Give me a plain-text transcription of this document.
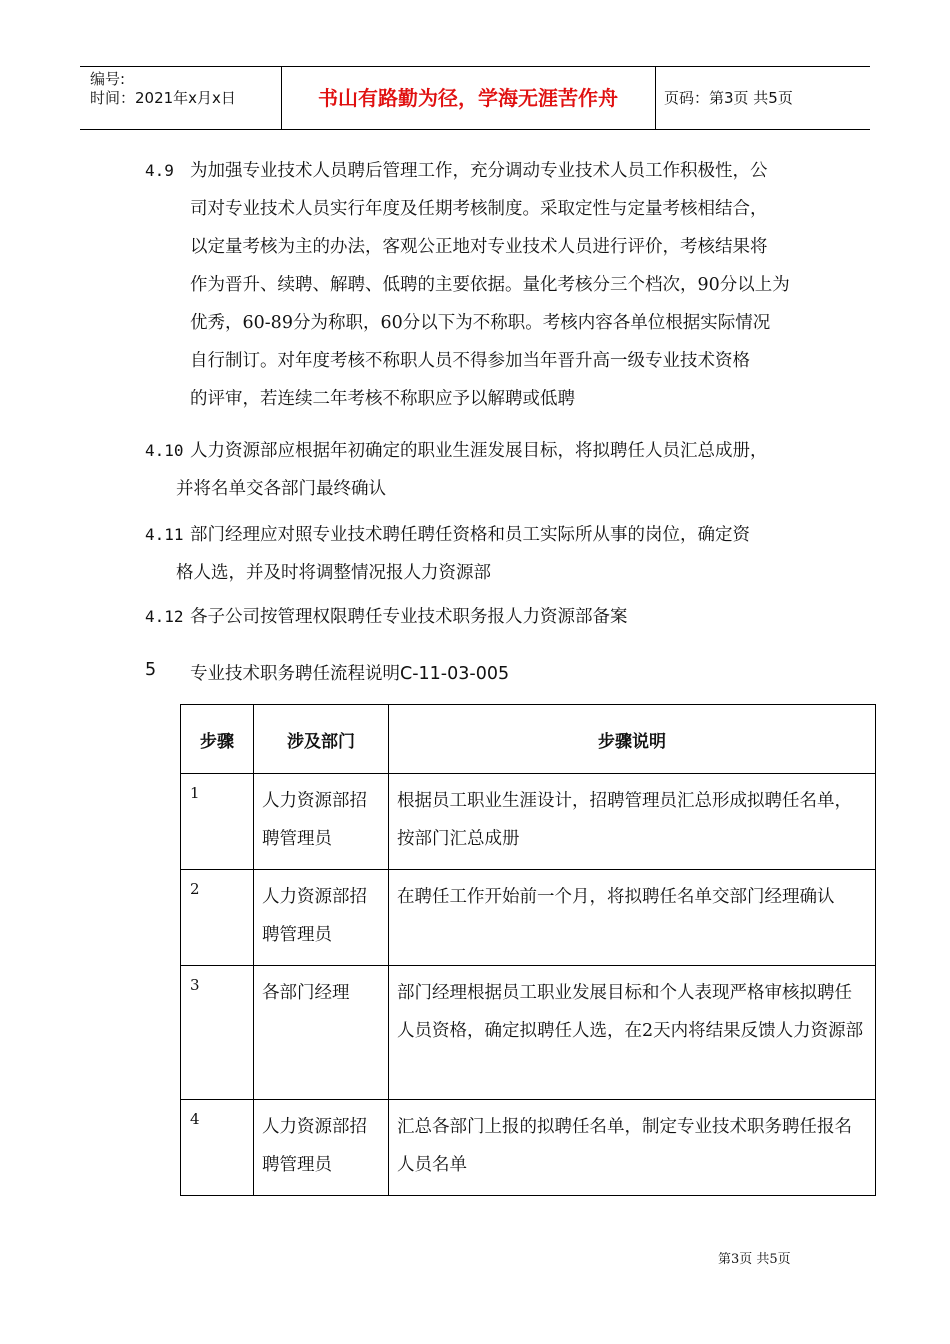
编号:
时间：2021年x月x日	书山有路勤为径，学海无涯苦作舟	页码：第3页 共5页
4.9 为加强专业技术人员聘后管理工作，充分调动专业技术人员工作积极性，公
司对专业技术人员实行年度及任期考核制度。采取定性与定量考核相结合，
以定量考核为主的办法，客观公正地对专业技术人员进行评价，考核结果将
作为晋升、续聘、解聘、低聘的主要依据。量化考核分三个档次，90分以上为
优秀，60-89分为称职，60分以下为不称职。考核内容各单位根据实际情况
自行制订。对年度考核不称职人员不得参加当年晋升高一级专业技术资格
的评审，若连续二年考核不称职应予以解聘或低聘
4.10 人力资源部应根据年初确定的职业生涯发展目标，将拟聘任人员汇总成册，
并将名单交各部门最终确认
4.11 部门经理应对照专业技术聘任聘任资格和员工实际所从事的岗位，确定资
格人选，并及时将调整情况报人力资源部
4.12 各子公司按管理权限聘任专业技术职务报人力资源部备案
5 专业技术职务聘任流程说明C-11-03-005
步骤	涉及部门	步骤说明

1	人力资源部招聘管理员	根据员工职业生涯设计，招聘管理员汇总形成拟聘任名单，按部门汇总成册

2	人力资源部招聘管理员	在聘任工作开始前一个月，将拟聘任名单交部门经理确认

3	各部门经理	部门经理根据员工职业发展目标和个人表现严格审核拟聘任人员资格，确定拟聘任人选，在2天内将结果反馈人力资源部

4	人力资源部招聘管理员	汇总各部门上报的拟聘任名单，制定专业技术职务聘任报名人员名单
第3页 共5页
